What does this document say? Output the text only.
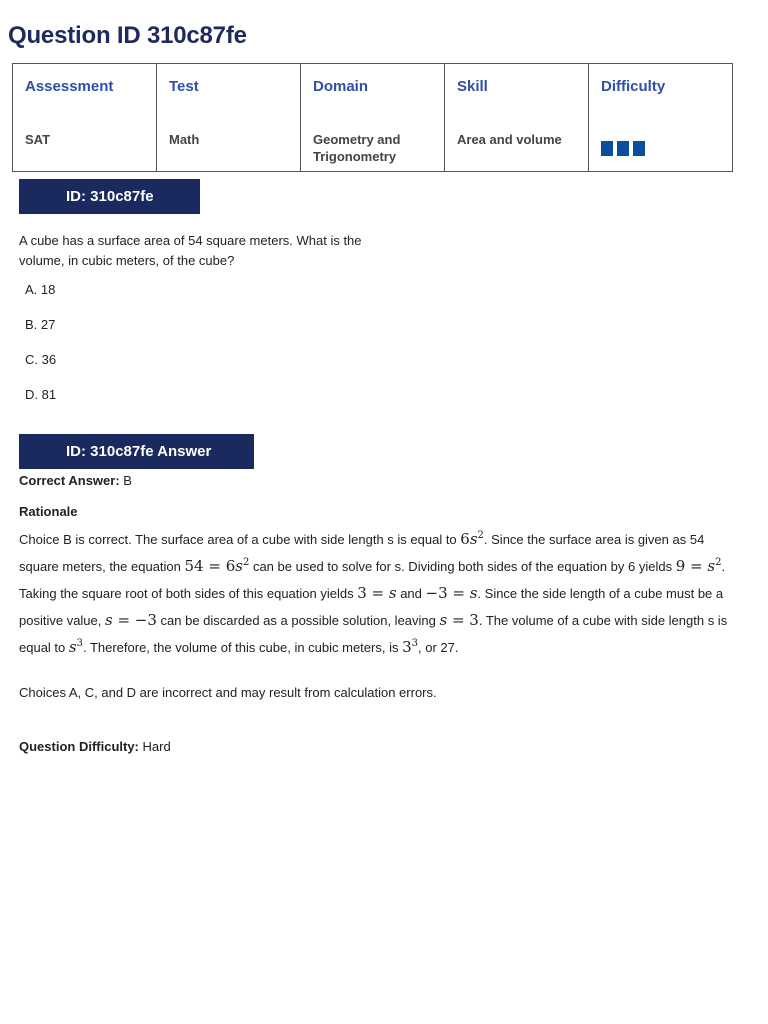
Question ID 310c87fe
Assessment	Test	Domain	Skill	Difficulty
SAT	Math	Geometry and Trigonometry	Area and volume	
ID: 310c87fe

A cube has a surface area of 54 square meters. What is the volume, in cubic meters, of the cube?

A. 18
B. 27
C. 36
D. 81
ID: 310c87fe Answer
Correct Answer: B
Rationale

Choice B is correct. The surface area of a cube with side length s is equal to $6s^2$. Since the surface area is given as 54 square meters, the equation $54 = 6s^2$ can be used to solve for s. Dividing both sides of the equation by 6 yields $9 = s^2$. Taking the square root of both sides of this equation yields 3 = s and −3 = s. Since the side length of a cube must be a positive value, s = −3 can be discarded as a possible solution, leaving s = 3. The volume of a cube with side length s is equal to $s^3$. Therefore, the volume of this cube, in cubic meters, is $3^3$, or 27.

Choices A, C, and D are incorrect and may result from calculation errors.
Question Difficulty: Hard
